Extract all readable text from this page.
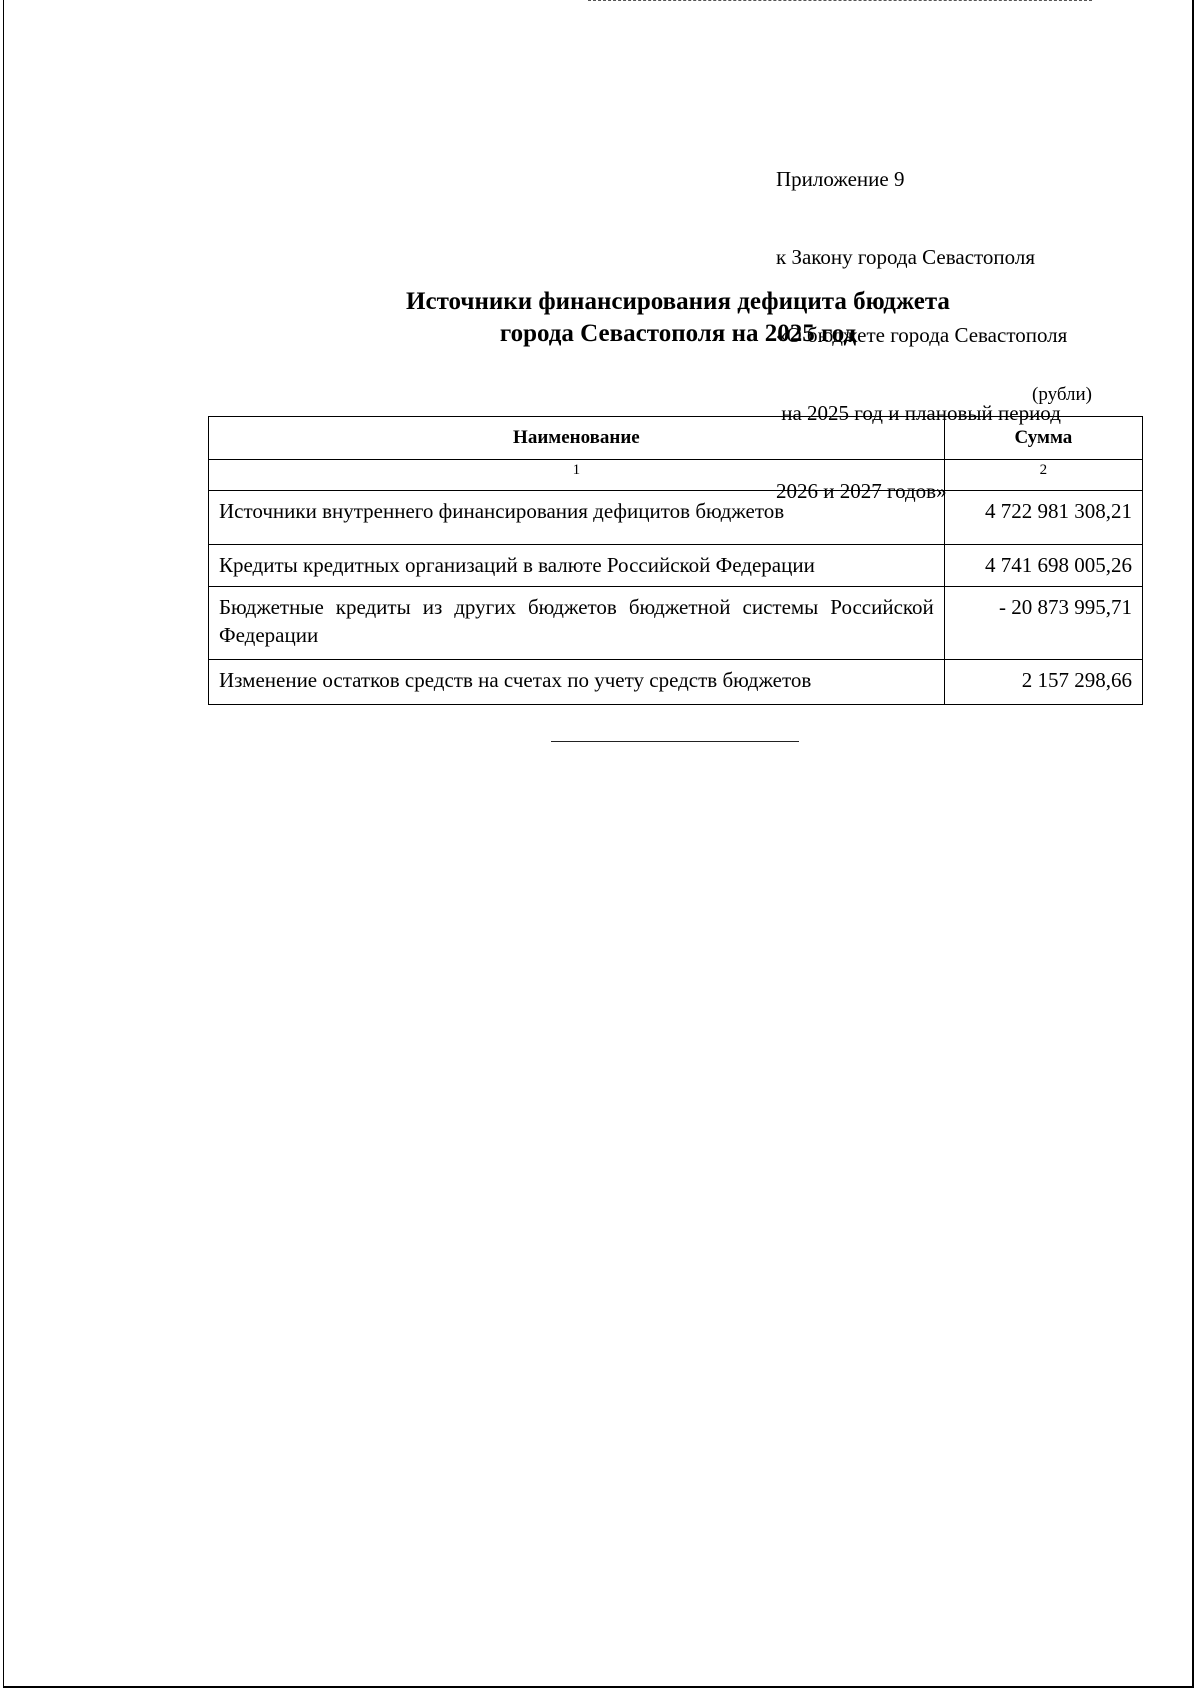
Приложение 9

к Закону города Севастополя

«О бюджете города Севастополя

на 2025 год и плановый период

2026 и 2027 годов»

Источники финансирования дефицита бюджета
города Севастополя на 2025 год
(рубли)
Наименование	Сумма
1	2
Источники внутреннего финансирования дефицитов бюджетов	4 722 981 308,21
Кредиты кредитных организаций в валюте Российской Федерации	4 741 698 005,26
Бюджетные кредиты из других бюджетов бюджетной системы Российской Федерации	- 20 873 995,71
Изменение остатков средств на счетах по учету средств бюджетов	2 157 298,66
